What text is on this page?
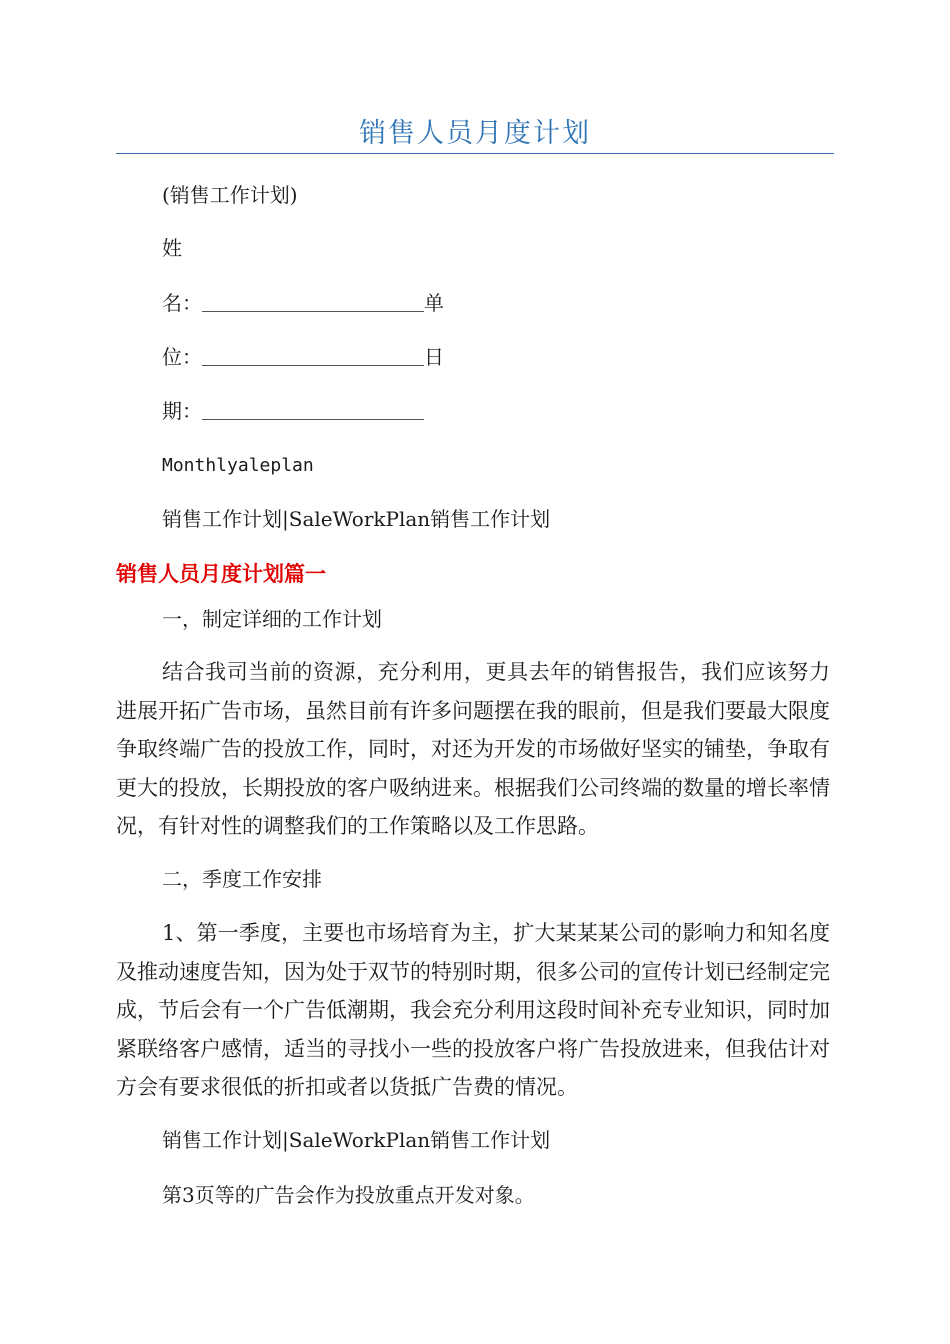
销售人员月度计划
(销售工作计划)
姓
名：	单
位：	日
期：
Monthlyaleplan
销售工作计划|SaleWorkPlan销售工作计划
销售人员月度计划篇一
一，制定详细的工作计划

结合我司当前的资源，充分利用，更具去年的销售报告，我们应该努力进展开拓广告市场，虽然目前有许多问题摆在我的眼前，但是我们要最大限度争取终端广告的投放工作，同时，对还为开发的市场做好坚实的铺垫，争取有更大的投放，长期投放的客户吸纳进来。根据我们公司终端的数量的增长率情况，有针对性的调整我们的工作策略以及工作思路。

二，季度工作安排

1、第一季度，主要也市场培育为主，扩大某某某公司的影响力和知名度及推动速度告知，因为处于双节的特别时期，很多公司的宣传计划已经制定完成，节后会有一个广告低潮期，我会充分利用这段时间补充专业知识，同时加紧联络客户感情，适当的寻找小一些的投放客户将广告投放进来，但我估计对方会有要求很低的折扣或者以货抵广告费的情况。

销售工作计划|SaleWorkPlan销售工作计划
第3页等的广告会作为投放重点开发对象。
